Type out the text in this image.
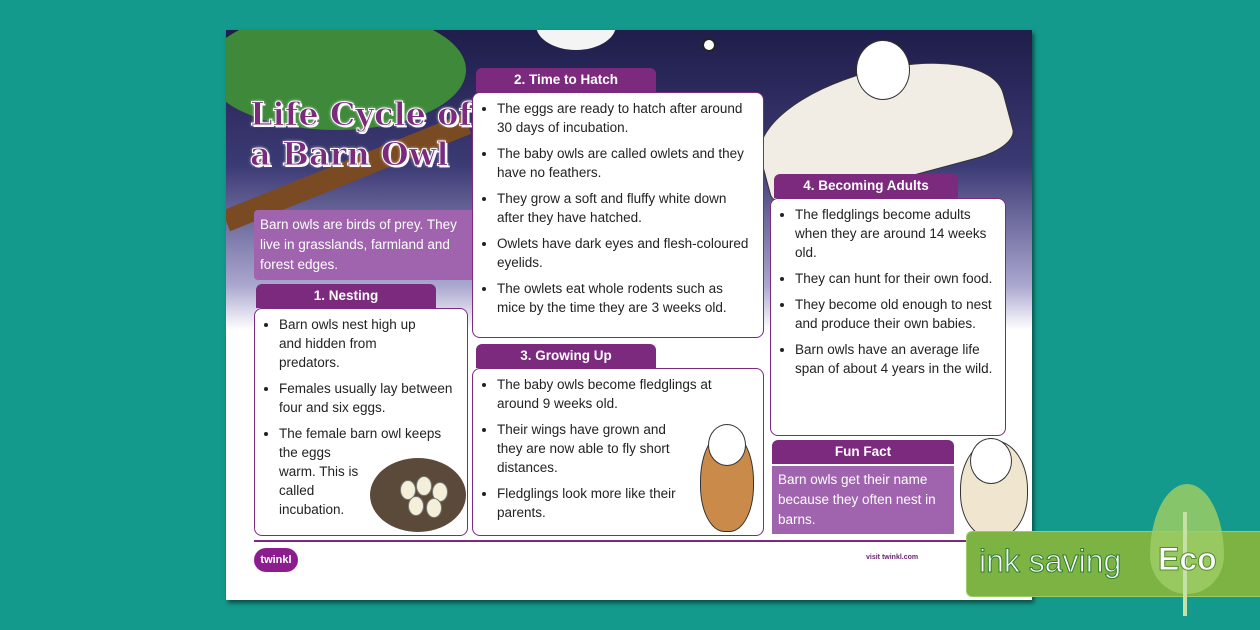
Life Cycle of
a Barn Owl
Barn owls are birds of prey. They live in grasslands, farmland and forest edges.
1. Nesting
• Barn owls nest high up and hidden from predators.
• Females usually lay between four and six eggs.
• The female barn owl keeps the eggs warm. This is called incubation.
2. Time to Hatch
• The eggs are ready to hatch after around 30 days of incubation.
• The baby owls are called owlets and they have no feathers.
• They grow a soft and fluffy white down after they have hatched.
• Owlets have dark eyes and flesh-coloured eyelids.
• The owlets eat whole rodents such as mice by the time they are 3 weeks old.
3. Growing Up
• The baby owls become fledglings at around 9 weeks old.
• Their wings have grown and they are now able to fly short distances.
• Fledglings look more like their parents.
4. Becoming Adults
• The fledglings become adults when they are around 14 weeks old.
• They can hunt for their own food.
• They become old enough to nest and produce their own babies.
• Barn owls have an average life span of about 4 years in the wild.
Fun Fact
Barn owls get their name because they often nest in barns.
twinkl	visit twinkl.com ink saving Eco
